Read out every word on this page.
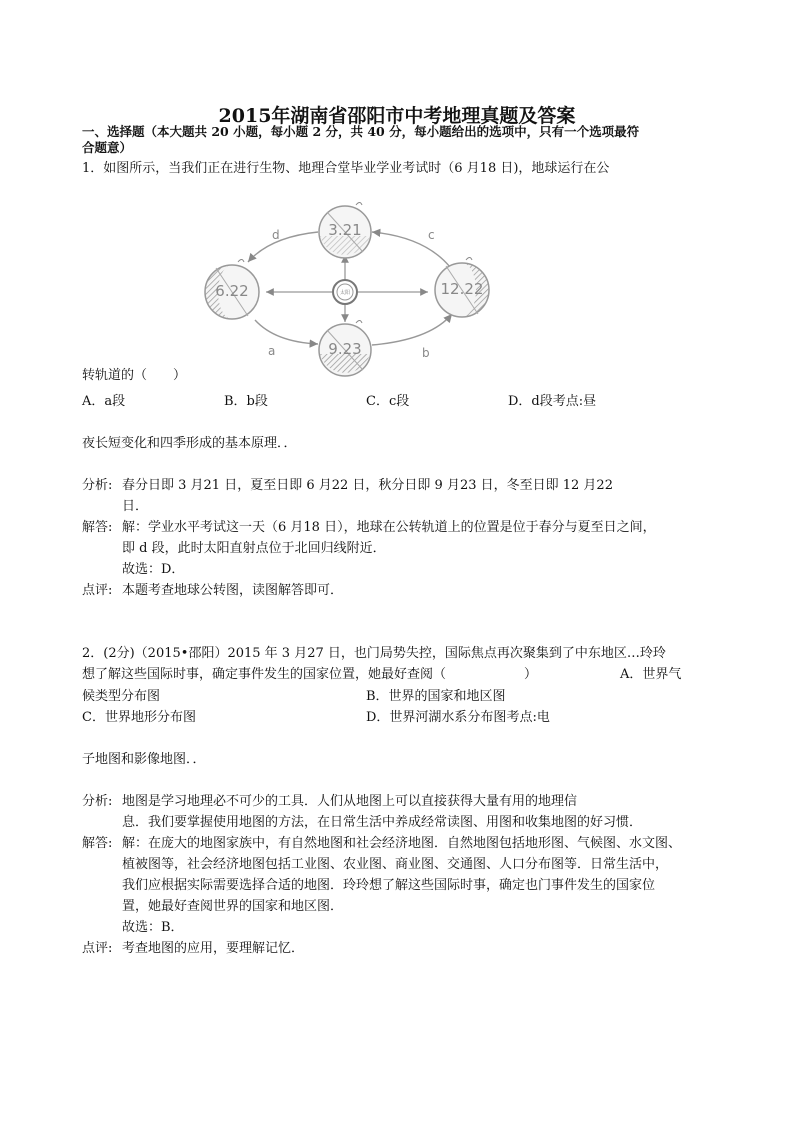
2015年湖南省邵阳市中考地理真题及答案
一、选择题（本大题共 20 小题，每小题 2 分，共 40 分，每小题给出的选项中，只有一个选项最符
合题意）
1．如图所示，当我们正在进行生物、地理合堂毕业学业考试时（6 月18 日)，地球运行在公
3.21
6.22	12.22
9.23
太阳
d	c
a	b
转轨道的（　　）
A．a段	B．b段	C．c段	D．d段考点:昼
夜长短变化和四季形成的基本原理．．
分析: 春分日即 3 月21 日，夏至日即 6 月22 日，秋分日即 9 月23 日，冬至日即 12 月22
日．
解答: 解：学业水平考试这一天（6 月18 日），地球在公转轨道上的位置是位于春分与夏至日之间，
即 d 段，此时太阳直射点位于北回归线附近．
故选：D．
点评: 本题考查地球公转图，读图解答即可．
2．(2分)（2015•邵阳）2015 年 3 月27 日，也门局势失控，国际焦点再次聚集到了中东地区…玲玲
想了解这些国际时事，确定事件发生的国家位置，她最好查阅（　　　　　　）	A．世界气
候类型分布图	B．世界的国家和地区图
C．世界地形分布图	D．世界河湖水系分布图考点:电
子地图和影像地图．．
分析: 地图是学习地理必不可少的工具．人们从地图上可以直接获得大量有用的地理信
息．我们要掌握使用地图的方法，在日常生活中养成经常读图、用图和收集地图的好习惯．
解答: 解：在庞大的地图家族中，有自然地图和社会经济地图．自然地图包括地形图、气候图、水文图、
植被图等，社会经济地图包括工业图、农业图、商业图、交通图、人口分布图等．日常生活中，
我们应根据实际需要选择合适的地图．玲玲想了解这些国际时事，确定也门事件发生的国家位
置，她最好查阅世界的国家和地区图．
故选：B．
点评: 考查地图的应用，要理解记忆．
